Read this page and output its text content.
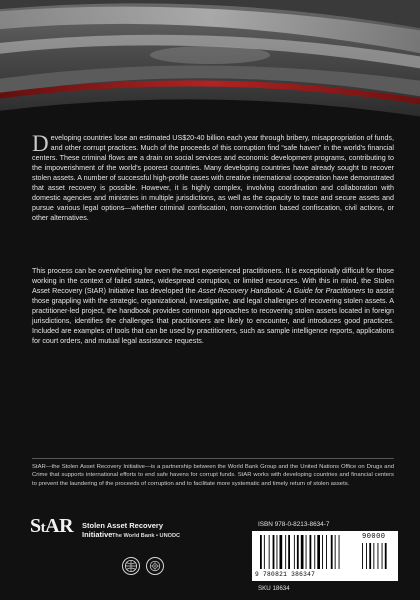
Developing countries lose an estimated US$20-40 billion each year through bribery, misappropriation of funds, and other corrupt practices. Much of the proceeds of this corruption find “safe haven” in the world’s financial centers. These criminal flows are a drain on social services and economic development programs, contributing to the impoverishment of the world’s poorest countries. Many developing countries have already sought to recover stolen assets. A number of successful high-profile cases with creative international cooperation have demonstrated that asset recovery is possible. However, it is highly complex, involving coordination and collaboration with domestic agencies and ministries in multiple jurisdictions, as well as the capacity to trace and secure assets and pursue various legal options—whether criminal confiscation, non-conviction based confiscation, civil actions, or other alternatives.
This process can be overwhelming for even the most experienced practitioners. It is exceptionally difficult for those working in the context of failed states, widespread corruption, or limited resources. With this in mind, the Stolen Asset Recovery (StAR) Initiative has developed the Asset Recovery Handbook: A Guide for Practitioners to assist those grappling with the strategic, organizational, investigative, and legal challenges of recovering stolen assets. A practitioner-led project, the handbook provides common approaches to recovering stolen assets located in foreign jurisdictions, identifies the challenges that practitioners are likely to encounter, and introduces good practices. Included are examples of tools that can be used by practitioners, such as sample intelligence reports, applications for court orders, and mutual legal assistance requests.
StAR—the Stolen Asset Recovery Initiative—is a partnership between the World Bank Group and the United Nations Office on Drugs and Crime that supports international efforts to end safe havens for corrupt funds. StAR works with developing countries and financial centers to prevent the laundering of the proceeds of corruption and to facilitate more systematic and timely return of stolen assets.
StAR Stolen Asset Recovery Initiative The World Bank • UNODC
ISBN 978-0-8213-8634-7
90000
9 780821 386347
SKU 18634
